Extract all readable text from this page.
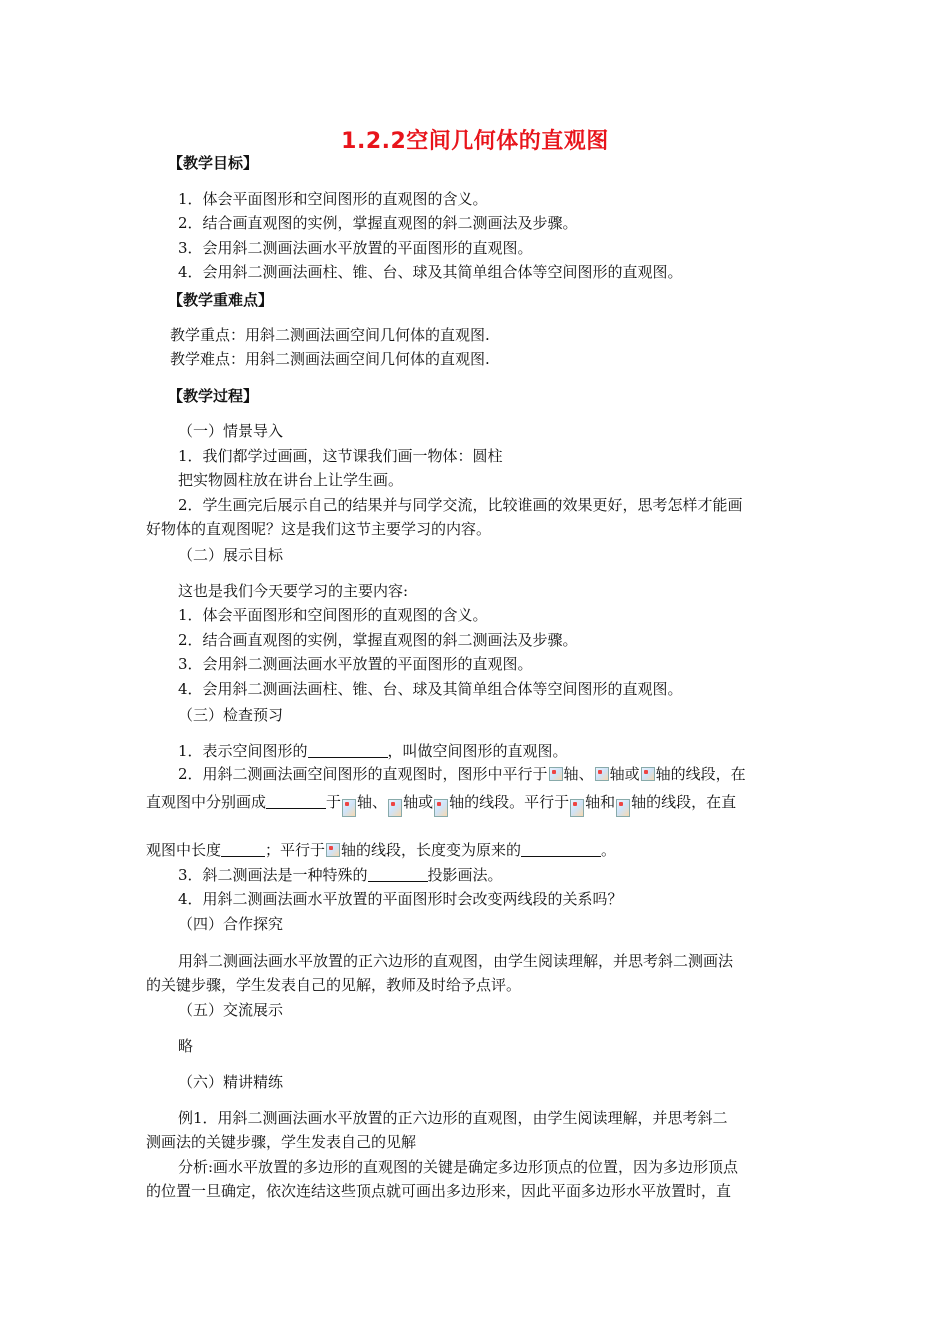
1.2.2空间几何体的直观图
【教学目标】
1．体会平面图形和空间图形的直观图的含义。
2．结合画直观图的实例，掌握直观图的斜二测画法及步骤。
3．会用斜二测画法画水平放置的平面图形的直观图。
4．会用斜二测画法画柱、锥、台、球及其简单组合体等空间图形的直观图。
【教学重难点】
教学重点：用斜二测画法画空间几何体的直观图.
教学难点：用斜二测画法画空间几何体的直观图.
【教学过程】
（一）情景导入
1．我们都学过画画，这节课我们画一物体：圆柱
把实物圆柱放在讲台上让学生画。
2．学生画完后展示自己的结果并与同学交流，比较谁画的效果更好，思考怎样才能画
好物体的直观图呢？这是我们这节主要学习的内容。
（二）展示目标
这也是我们今天要学习的主要内容:
1．体会平面图形和空间图形的直观图的含义。
2．结合画直观图的实例，掌握直观图的斜二测画法及步骤。
3．会用斜二测画法画水平放置的平面图形的直观图。
4．会用斜二测画法画柱、锥、台、球及其简单组合体等空间图形的直观图。
（三）检查预习
1．表示空间图形的	，叫做空间图形的直观图。
2．用斜二测画法画空间图形的直观图时，图形中平行于 轴、 轴或 轴的线段，在
直观图中分别画成	于 轴、 轴或 轴的线段。平行于 轴和 轴的线段，在直
观图中长度	；平行于 轴的线段，长度变为原来的	。
3．斜二测画法是一种特殊的	投影画法。
4．用斜二测画法画水平放置的平面图形时会改变两线段的关系吗？
（四）合作探究
用斜二测画法画水平放置的正六边形的直观图，由学生阅读理解，并思考斜二测画法
的关键步骤，学生发表自己的见解，教师及时给予点评。
（五）交流展示
略
（六）精讲精练
例1．用斜二测画法画水平放置的正六边形的直观图，由学生阅读理解，并思考斜二
测画法的关键步骤，学生发表自己的见解
分析:画水平放置的多边形的直观图的关键是确定多边形顶点的位置，因为多边形顶点
的位置一旦确定，依次连结这些顶点就可画出多边形来，因此平面多边形水平放置时，直
